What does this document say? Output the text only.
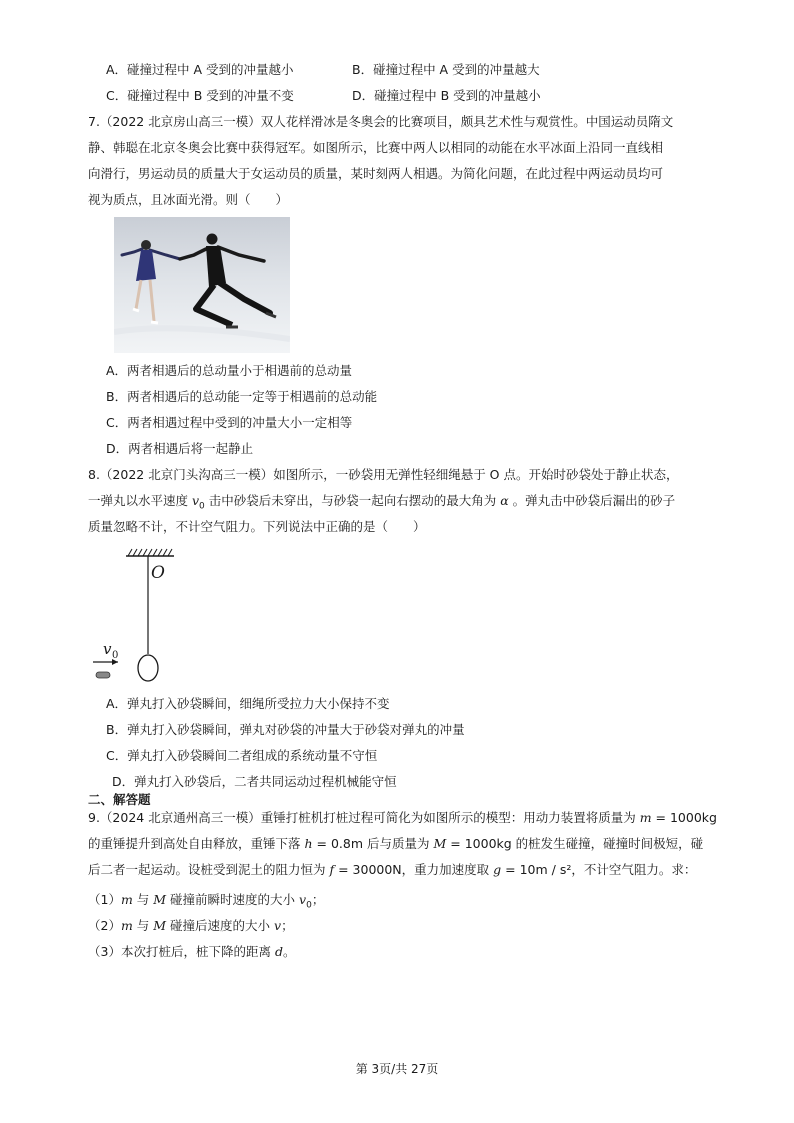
A．碰撞过程中 A 受到的冲量越小	B．碰撞过程中 A 受到的冲量越大
C．碰撞过程中 B 受到的冲量不变	D．碰撞过程中 B 受到的冲量越小
7.（2022 北京房山高三一模）双人花样滑冰是冬奥会的比赛项目，颇具艺术性与观赏性。中国运动员隋文
静、韩聪在北京冬奥会比赛中获得冠军。如图所示，比赛中两人以相同的动能在水平冰面上沿同一直线相
向滑行，男运动员的质量大于女运动员的质量，某时刻两人相遇。为简化问题，在此过程中两运动员均可
视为质点，且冰面光滑。则（　　）
A．两者相遇后的总动量小于相遇前的总动量
B．两者相遇后的总动能一定等于相遇前的总动能
C．两者相遇过程中受到的冲量大小一定相等
D．两者相遇后将一起静止
8.（2022 北京门头沟高三一模）如图所示，一砂袋用无弹性轻细绳悬于 O 点。开始时砂袋处于静止状态，
一弹丸以水平速度 $v_0$ 击中砂袋后未穿出，与砂袋一起向右摆动的最大角为 α 。弹丸击中砂袋后漏出的砂子
质量忽略不计，不计空气阻力。下列说法中正确的是（　　）
O
v 0
A．弹丸打入砂袋瞬间，细绳所受拉力大小保持不变
B．弹丸打入砂袋瞬间，弹丸对砂袋的冲量大于砂袋对弹丸的冲量
C．弹丸打入砂袋瞬间二者组成的系统动量不守恒
D．弹丸打入砂袋后，二者共同运动过程机械能守恒
二、解答题
9.（2024 北京通州高三一模）重锤打桩机打桩过程可简化为如图所示的模型：用动力装置将质量为 m = 1000kg
的重锤提升到高处自由释放，重锤下落 h = 0.8m 后与质量为 M = 1000kg 的桩发生碰撞，碰撞时间极短，碰
后二者一起运动。设桩受到泥土的阻力恒为 f = 30000N，重力加速度取 g = 10m / s²，不计空气阻力。求：
（1）m 与 M 碰撞前瞬时速度的大小 $v_0$；
（2）m 与 M 碰撞后速度的大小 v；
（3）本次打桩后，桩下降的距离 d。
第 3页/共 27页
